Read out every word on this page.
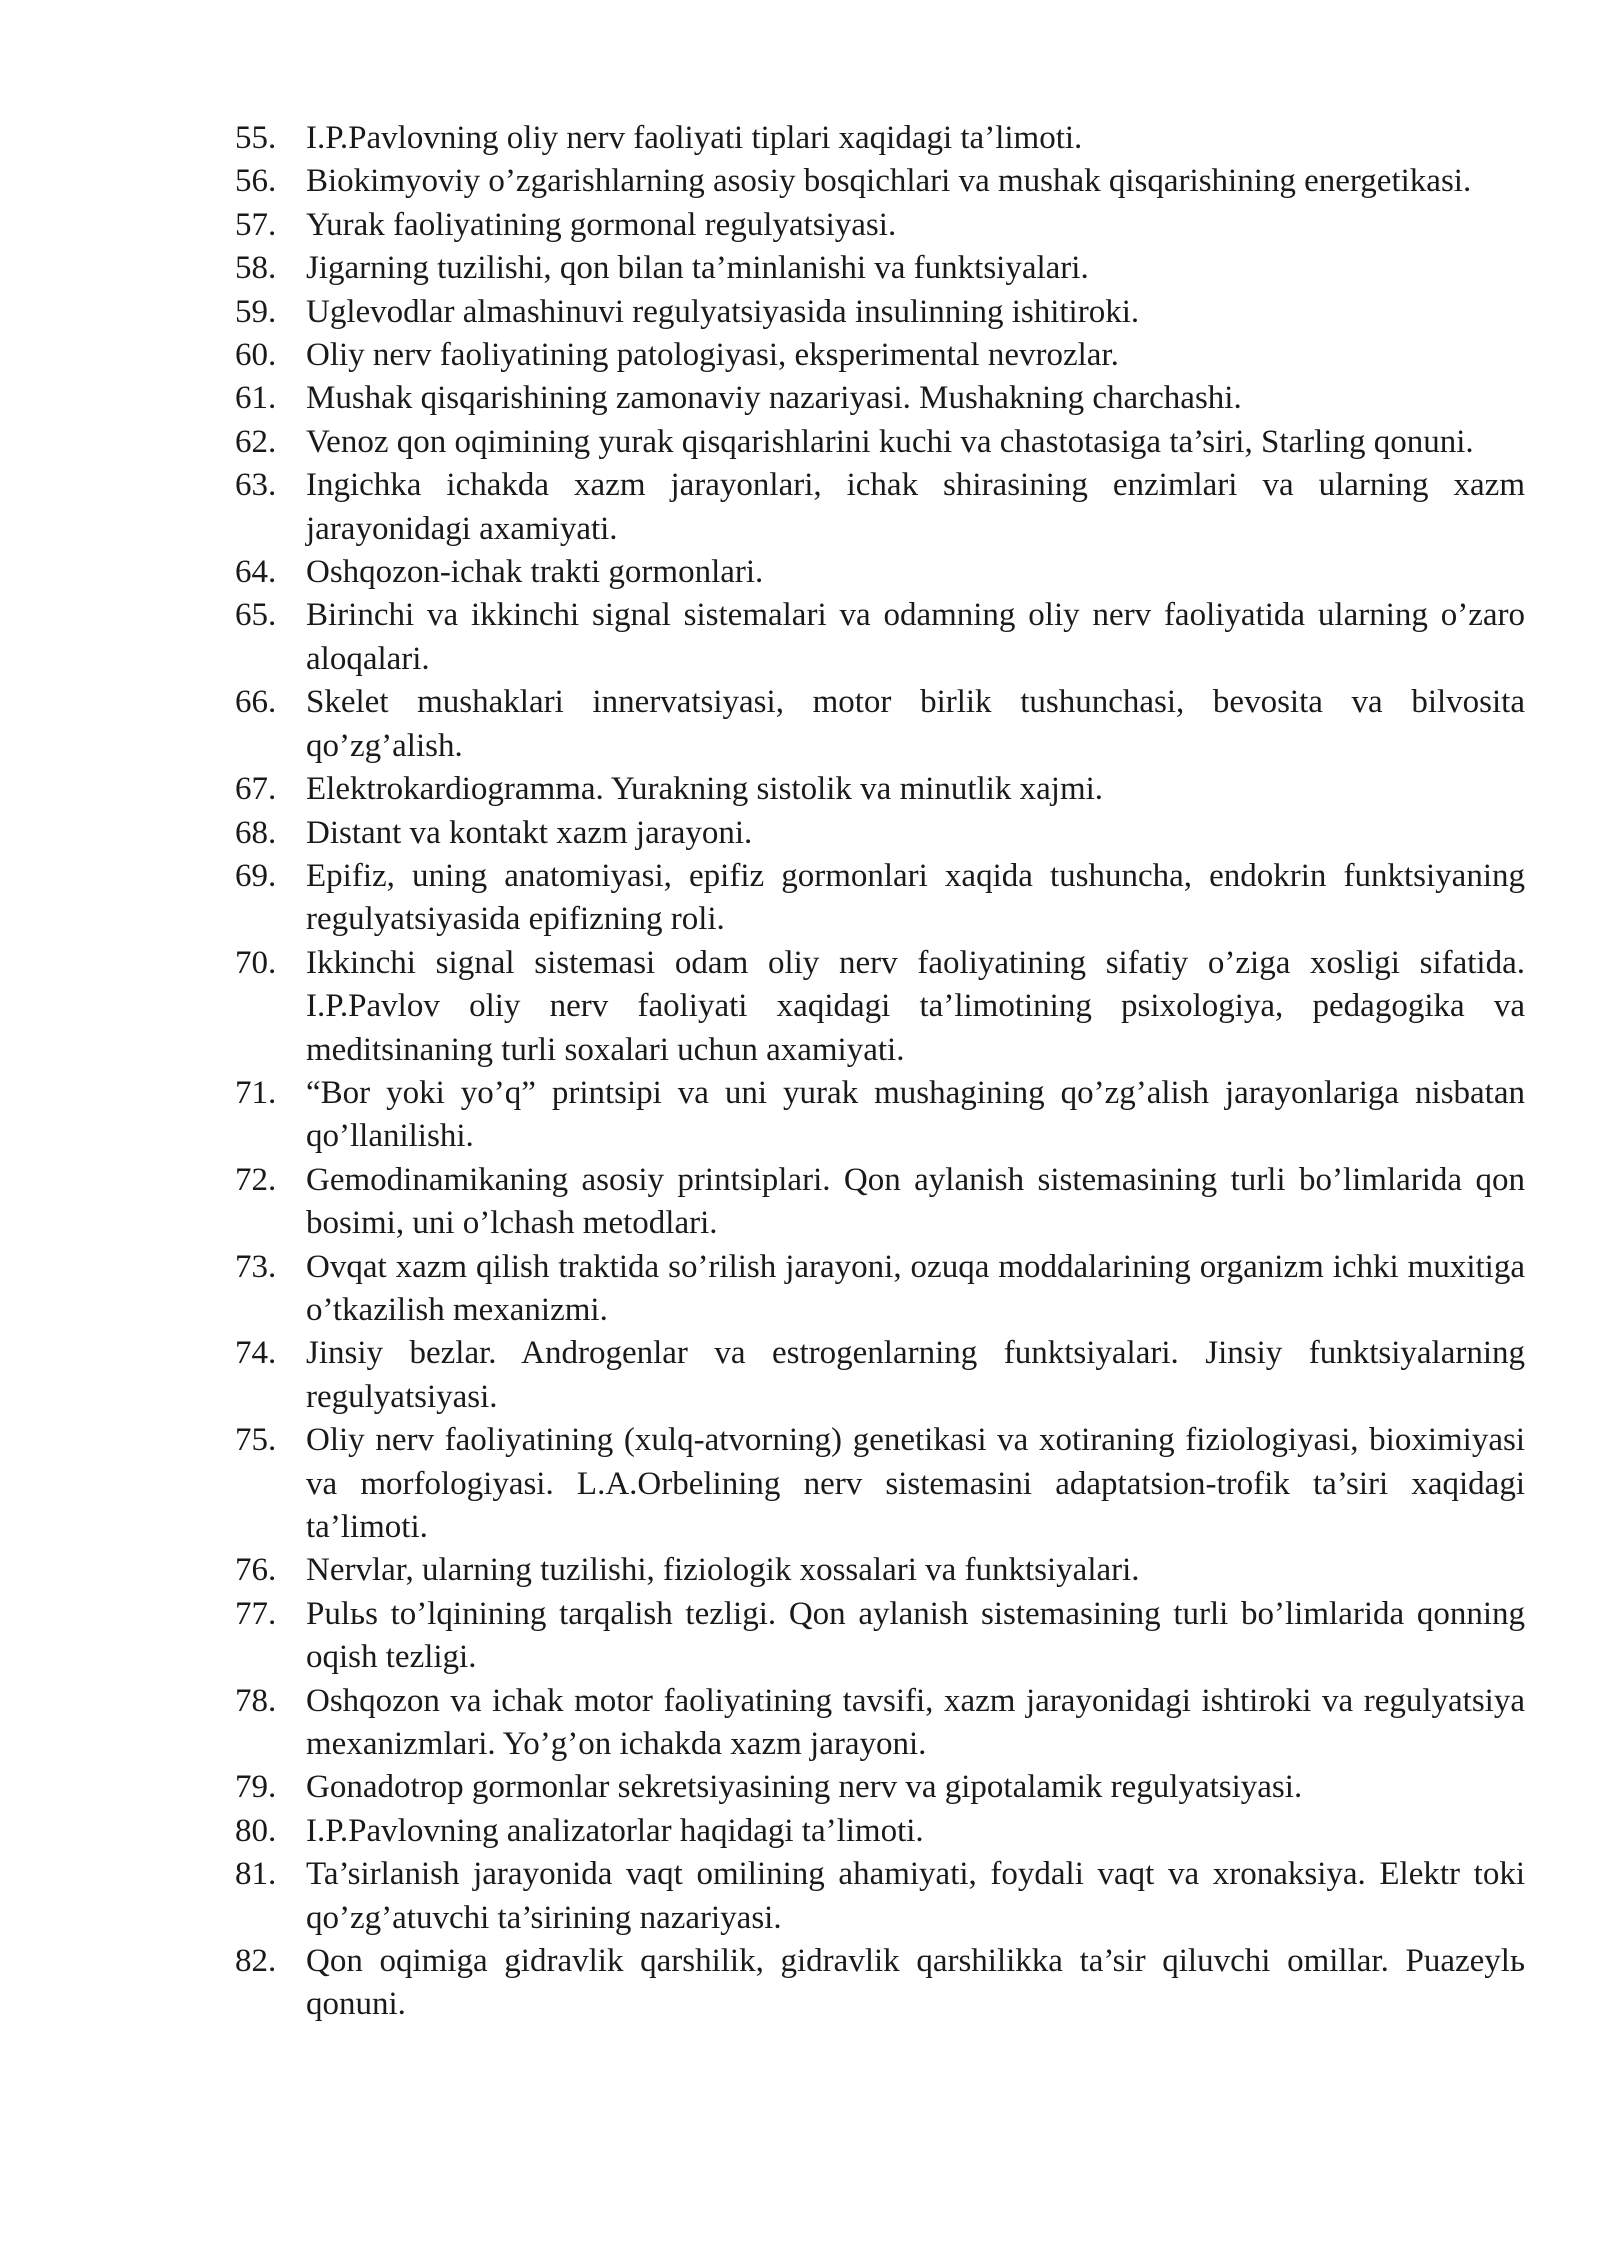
55. I.P.Pavlovning oliy nerv faoliyati tiplari xaqidagi ta’limoti.
56. Biokimyoviy o’zgarishlarning asosiy bosqichlari va mushak qisqarishining energetikasi.
57. Yurak faoliyatining gormonal regulyatsiyasi.
58. Jigarning tuzilishi, qon bilan ta’minlanishi va funktsiyalari.
59. Uglevodlar almashinuvi regulyatsiyasida insulinning ishitiroki.
60. Oliy nerv faoliyatining patologiyasi, eksperimental nevrozlar.
61. Mushak qisqarishining zamonaviy nazariyasi. Mushakning charchashi.
62. Venoz qon oqimining yurak qisqarishlarini kuchi va chastotasiga ta’siri, Starling qonuni.
63. Ingichka ichakda xazm jarayonlari, ichak shirasining enzimlari va ularning xazm jarayonidagi axamiyati.
64. Oshqozon-ichak trakti gormonlari.
65. Birinchi va ikkinchi signal sistemalari va odamning oliy nerv faoliyatida ularning o’zaro aloqalari.
66. Skelet mushaklari innervatsiyasi, motor birlik tushunchasi, bevosita va bilvosita qo’zg’alish.
67. Elektrokardiogramma. Yurakning sistolik va minutlik xajmi.
68. Distant va kontakt xazm jarayoni.
69. Epifiz, uning anatomiyasi, epifiz gormonlari xaqida tushuncha, endokrin funktsiyaning regulyatsiyasida epifizning roli.
70. Ikkinchi signal sistemasi odam oliy nerv faoliyatining sifatiy o’ziga xosligi sifatida. I.P.Pavlov oliy nerv faoliyati xaqidagi ta’limotining psixologiya, pedagogika va meditsinaning turli soxalari uchun axamiyati.
71. “Bor yoki yo’q” printsipi va uni yurak mushagining qo’zg’alish jarayonlariga nisbatan qo’llanilishi.
72. Gemodinamikaning asosiy printsiplari. Qon aylanish sistemasining turli bo’limlarida qon bosimi, uni o’lchash metodlari.
73. Ovqat xazm qilish traktida so’rilish jarayoni, ozuqa moddalarining organizm ichki muxitiga o’tkazilish mexanizmi.
74. Jinsiy bezlar. Androgenlar va estrogenlarning funktsiyalari. Jinsiy funktsiyalarning regulyatsiyasi.
75. Oliy nerv faoliyatining (xulq-atvorning) genetikasi va xotiraning fiziologiyasi, bioximiyasi va morfologiyasi. L.A.Orbelining nerv sistemasini adaptatsion-trofik ta’siri xaqidagi ta’limoti.
76. Nervlar, ularning tuzilishi, fiziologik xossalari va funktsiyalari.
77. Pulьs to’lqinining tarqalish tezligi. Qon aylanish sistemasining turli bo’limlarida qonning oqish tezligi.
78. Oshqozon va ichak motor faoliyatining tavsifi, xazm jarayonidagi ishtiroki va regulyatsiya mexanizmlari. Yo’g’on ichakda xazm jarayoni.
79. Gonadotrop gormonlar sekretsiyasining nerv va gipotalamik regulyatsiyasi.
80. I.P.Pavlovning analizatorlar haqidagi ta’limoti.
81. Ta’sirlanish jarayonida vaqt omilining ahamiyati, foydali vaqt va xronaksiya. Elektr toki qo’zg’atuvchi ta’sirining nazariyasi.
82. Qon oqimiga gidravlik qarshilik, gidravlik qarshilikka ta’sir qiluvchi omillar. Puazeylь qonuni.
